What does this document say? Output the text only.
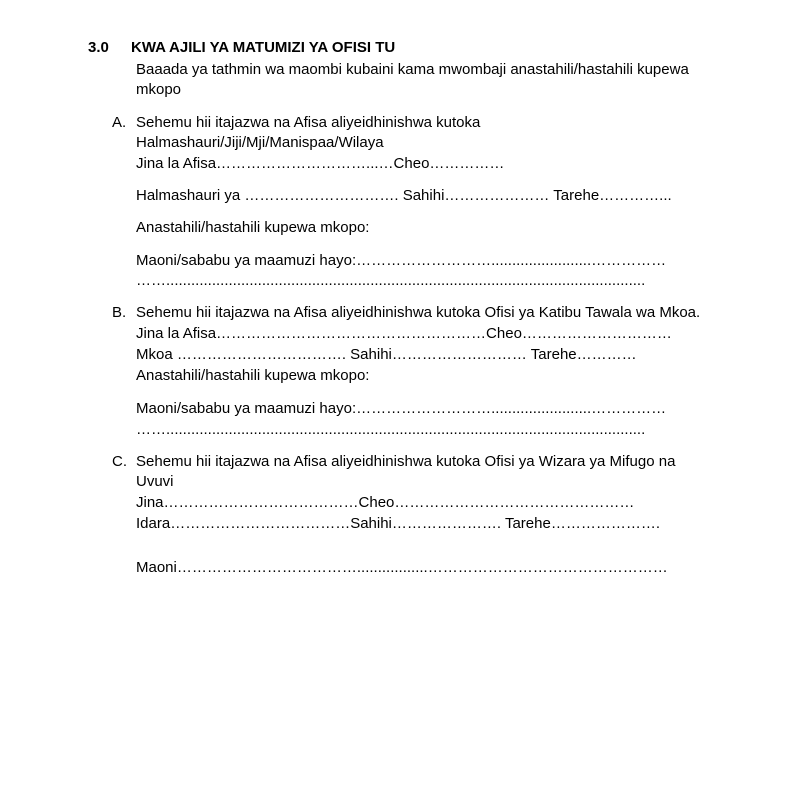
3.0 KWA AJILI YA MATUMIZI YA OFISI TU
Baaada ya tathmin wa maombi kubaini kama mwombaji anastahili/hastahili kupewa
mkopo
A. Sehemu hii itajazwa na Afisa aliyeidhinishwa kutoka
Halmashauri/Jiji/Mji/Manispaa/Wilaya
Jina la Afisa…………………………...…Cheo……………
Halmashauri ya …………………………. Sahihi………………… Tarehe…………...
Anastahili/hastahili kupewa mkopo:
Maoni/sababu ya maamuzi hayo:………………………........................……………
……...................................................................................................................
B. Sehemu hii itajazwa na Afisa aliyeidhinishwa kutoka Ofisi ya Katibu Tawala wa Mkoa.
Jina la Afisa………………………………………………Cheo…………………………
Mkoa ……………………………. Sahihi……………………… Tarehe…………
Anastahili/hastahili kupewa mkopo:
Maoni/sababu ya maamuzi hayo:………………………........................……………
……...................................................................................................................
C. Sehemu hii itajazwa na Afisa aliyeidhinishwa kutoka Ofisi ya Wizara ya Mifugo na
Uvuvi
Jina…………………………………Cheo…………………………………………
Idara………………………………Sahihi…………………. Tarehe………………….
Maoni……………………………….................…………………………………………
